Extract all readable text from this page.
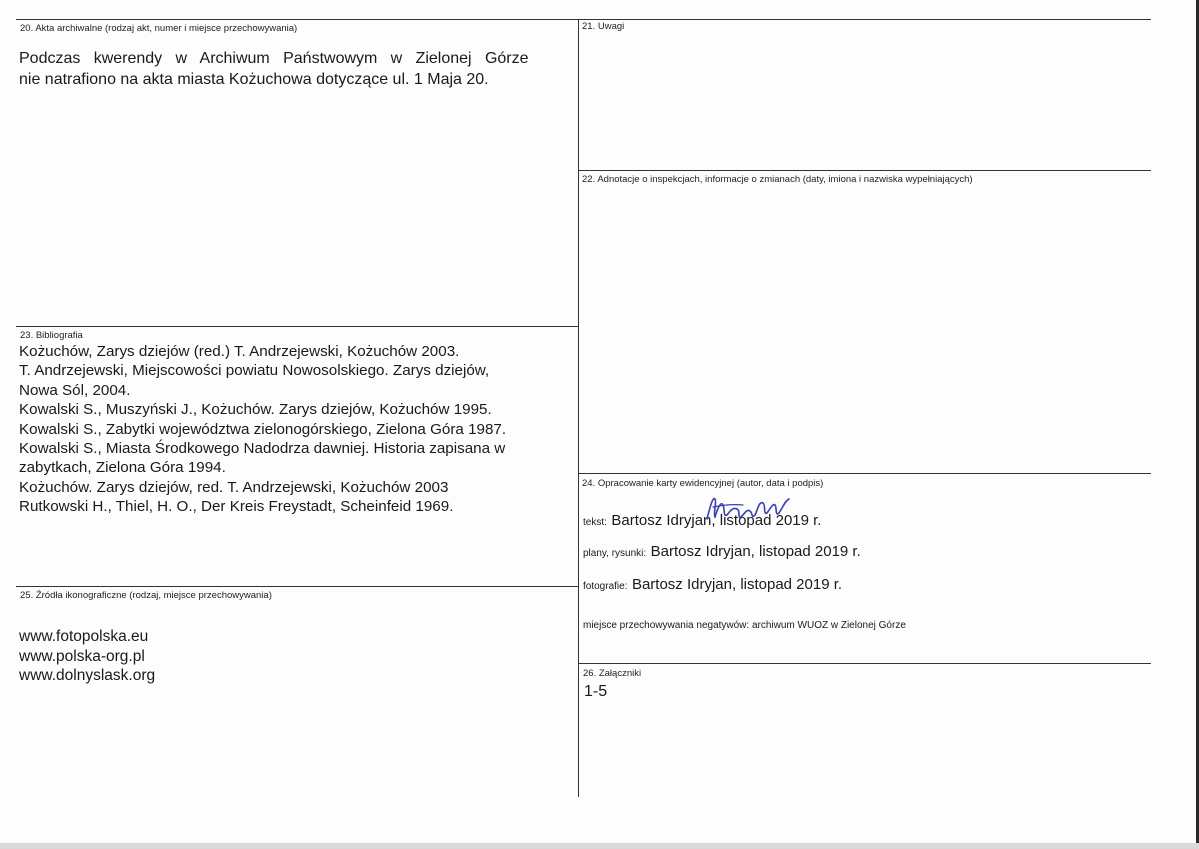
20. Akta archiwalne (rodzaj akt, numer i miejsce przechowywania)
Podczas   kwerendy   w   Archiwum   Państwowym   w   Zielonej   Górze
nie natrafiono na akta miasta Kożuchowa dotyczące ul. 1 Maja 20.
21. Uwagi
22. Adnotacje o inspekcjach, informacje o zmianach (daty, imiona i nazwiska wypełniających)
23. Bibliografia
Kożuchów, Zarys dziejów (red.) T. Andrzejewski, Kożuchów 2003.
T. Andrzejewski, Miejscowości powiatu Nowosolskiego. Zarys dziejów,
Nowa Sól, 2004.
Kowalski S., Muszyński J., Kożuchów. Zarys dziejów, Kożuchów 1995.
Kowalski S., Zabytki województwa zielonogórskiego, Zielona Góra 1987.
Kowalski S., Miasta Środkowego Nadodrza dawniej. Historia zapisana w
zabytkach, Zielona Góra 1994.
Kożuchów. Zarys dziejów, red. T. Andrzejewski, Kożuchów 2003
Rutkowski H., Thiel, H. O., Der Kreis Freystadt, Scheinfeid 1969.
24. Opracowanie karty ewidencyjnej (autor, data i podpis)
tekst: Bartosz Idryjan, listopad 2019 r.
plany, rysunki: Bartosz Idryjan, listopad 2019 r.
fotografie: Bartosz Idryjan, listopad 2019 r.
miejsce przechowywania negatywów: archiwum WUOZ w Zielonej Górze
25. Źródła ikonograficzne (rodzaj, miejsce przechowywania)
www.fotopolska.eu
www.polska-org.pl
www.dolnyslask.org	26. Załączniki
1-5
